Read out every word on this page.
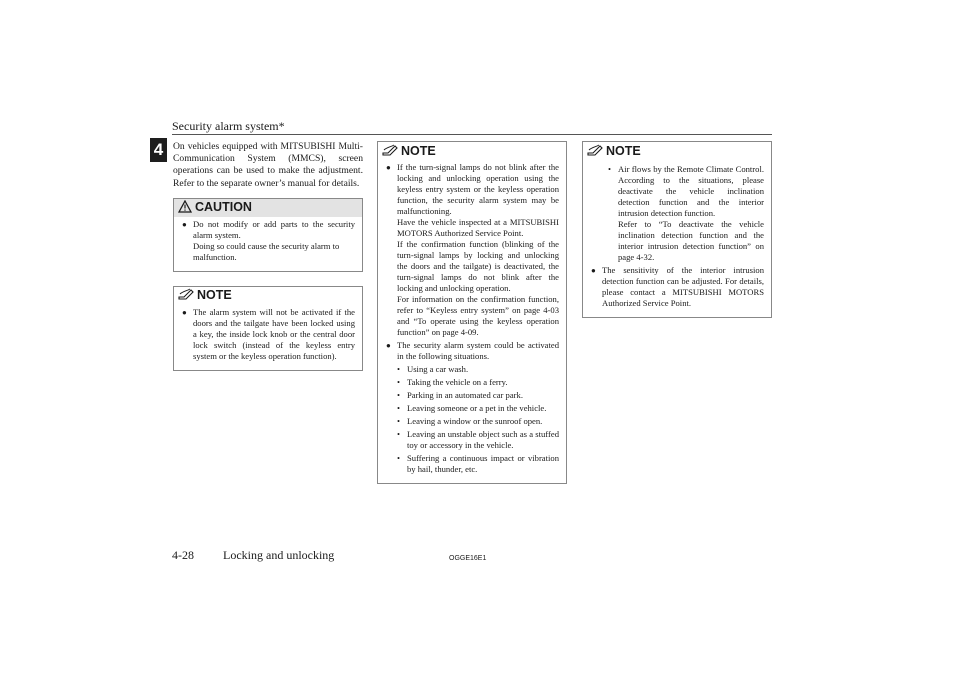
Security alarm system*
4	On vehicles equipped with MITSUBISHI Multi-Communication System (MMCS), screen operations can be used to make the adjustment. Refer to the separate owner’s manual for details.

CAUTION
● Do not modify or add parts to the security alarm system.
Doing so could cause the security alarm to malfunction.
NOTE
● The alarm system will not be activated if the doors and the tailgate have been locked using a key, the inside lock knob or the central door lock switch (instead of the keyless entry system or the keyless operation function).
NOTE
● If the turn-signal lamps do not blink after the locking and unlocking operation using the keyless entry system or the keyless operation function, the security alarm system may be malfunctioning.
Have the vehicle inspected at a MITSUBISHI MOTORS Authorized Service Point.
If the confirmation function (blinking of the turn-signal lamps by locking and unlocking the doors and the tailgate) is deactivated, the turn-signal lamps do not blink after the locking and unlocking operation.
For information on the confirmation function, refer to “Keyless entry system” on page 4-03 and “To operate using the keyless operation function” on page 4-09.
● The security alarm system could be activated in the following situations.
• Using a car wash.
• Taking the vehicle on a ferry.
• Parking in an automated car park.
• Leaving someone or a pet in the vehicle.
• Leaving a window or the sunroof open.
• Leaving an unstable object such as a stuffed toy or accessory in the vehicle.
• Suffering a continuous impact or vibration by hail, thunder, etc.
NOTE
• Air flows by the Remote Climate Control. According to the situations, please deactivate the vehicle inclination detection function and the interior intrusion detection function.
Refer to “To deactivate the vehicle inclination detection function and the interior intrusion detection function” on page 4-32.
● The sensitivity of the interior intrusion detection function can be adjusted. For details, please contact a MITSUBISHI MOTORS Authorized Service Point.
4-28 Locking and unlocking	OGGE16E1
